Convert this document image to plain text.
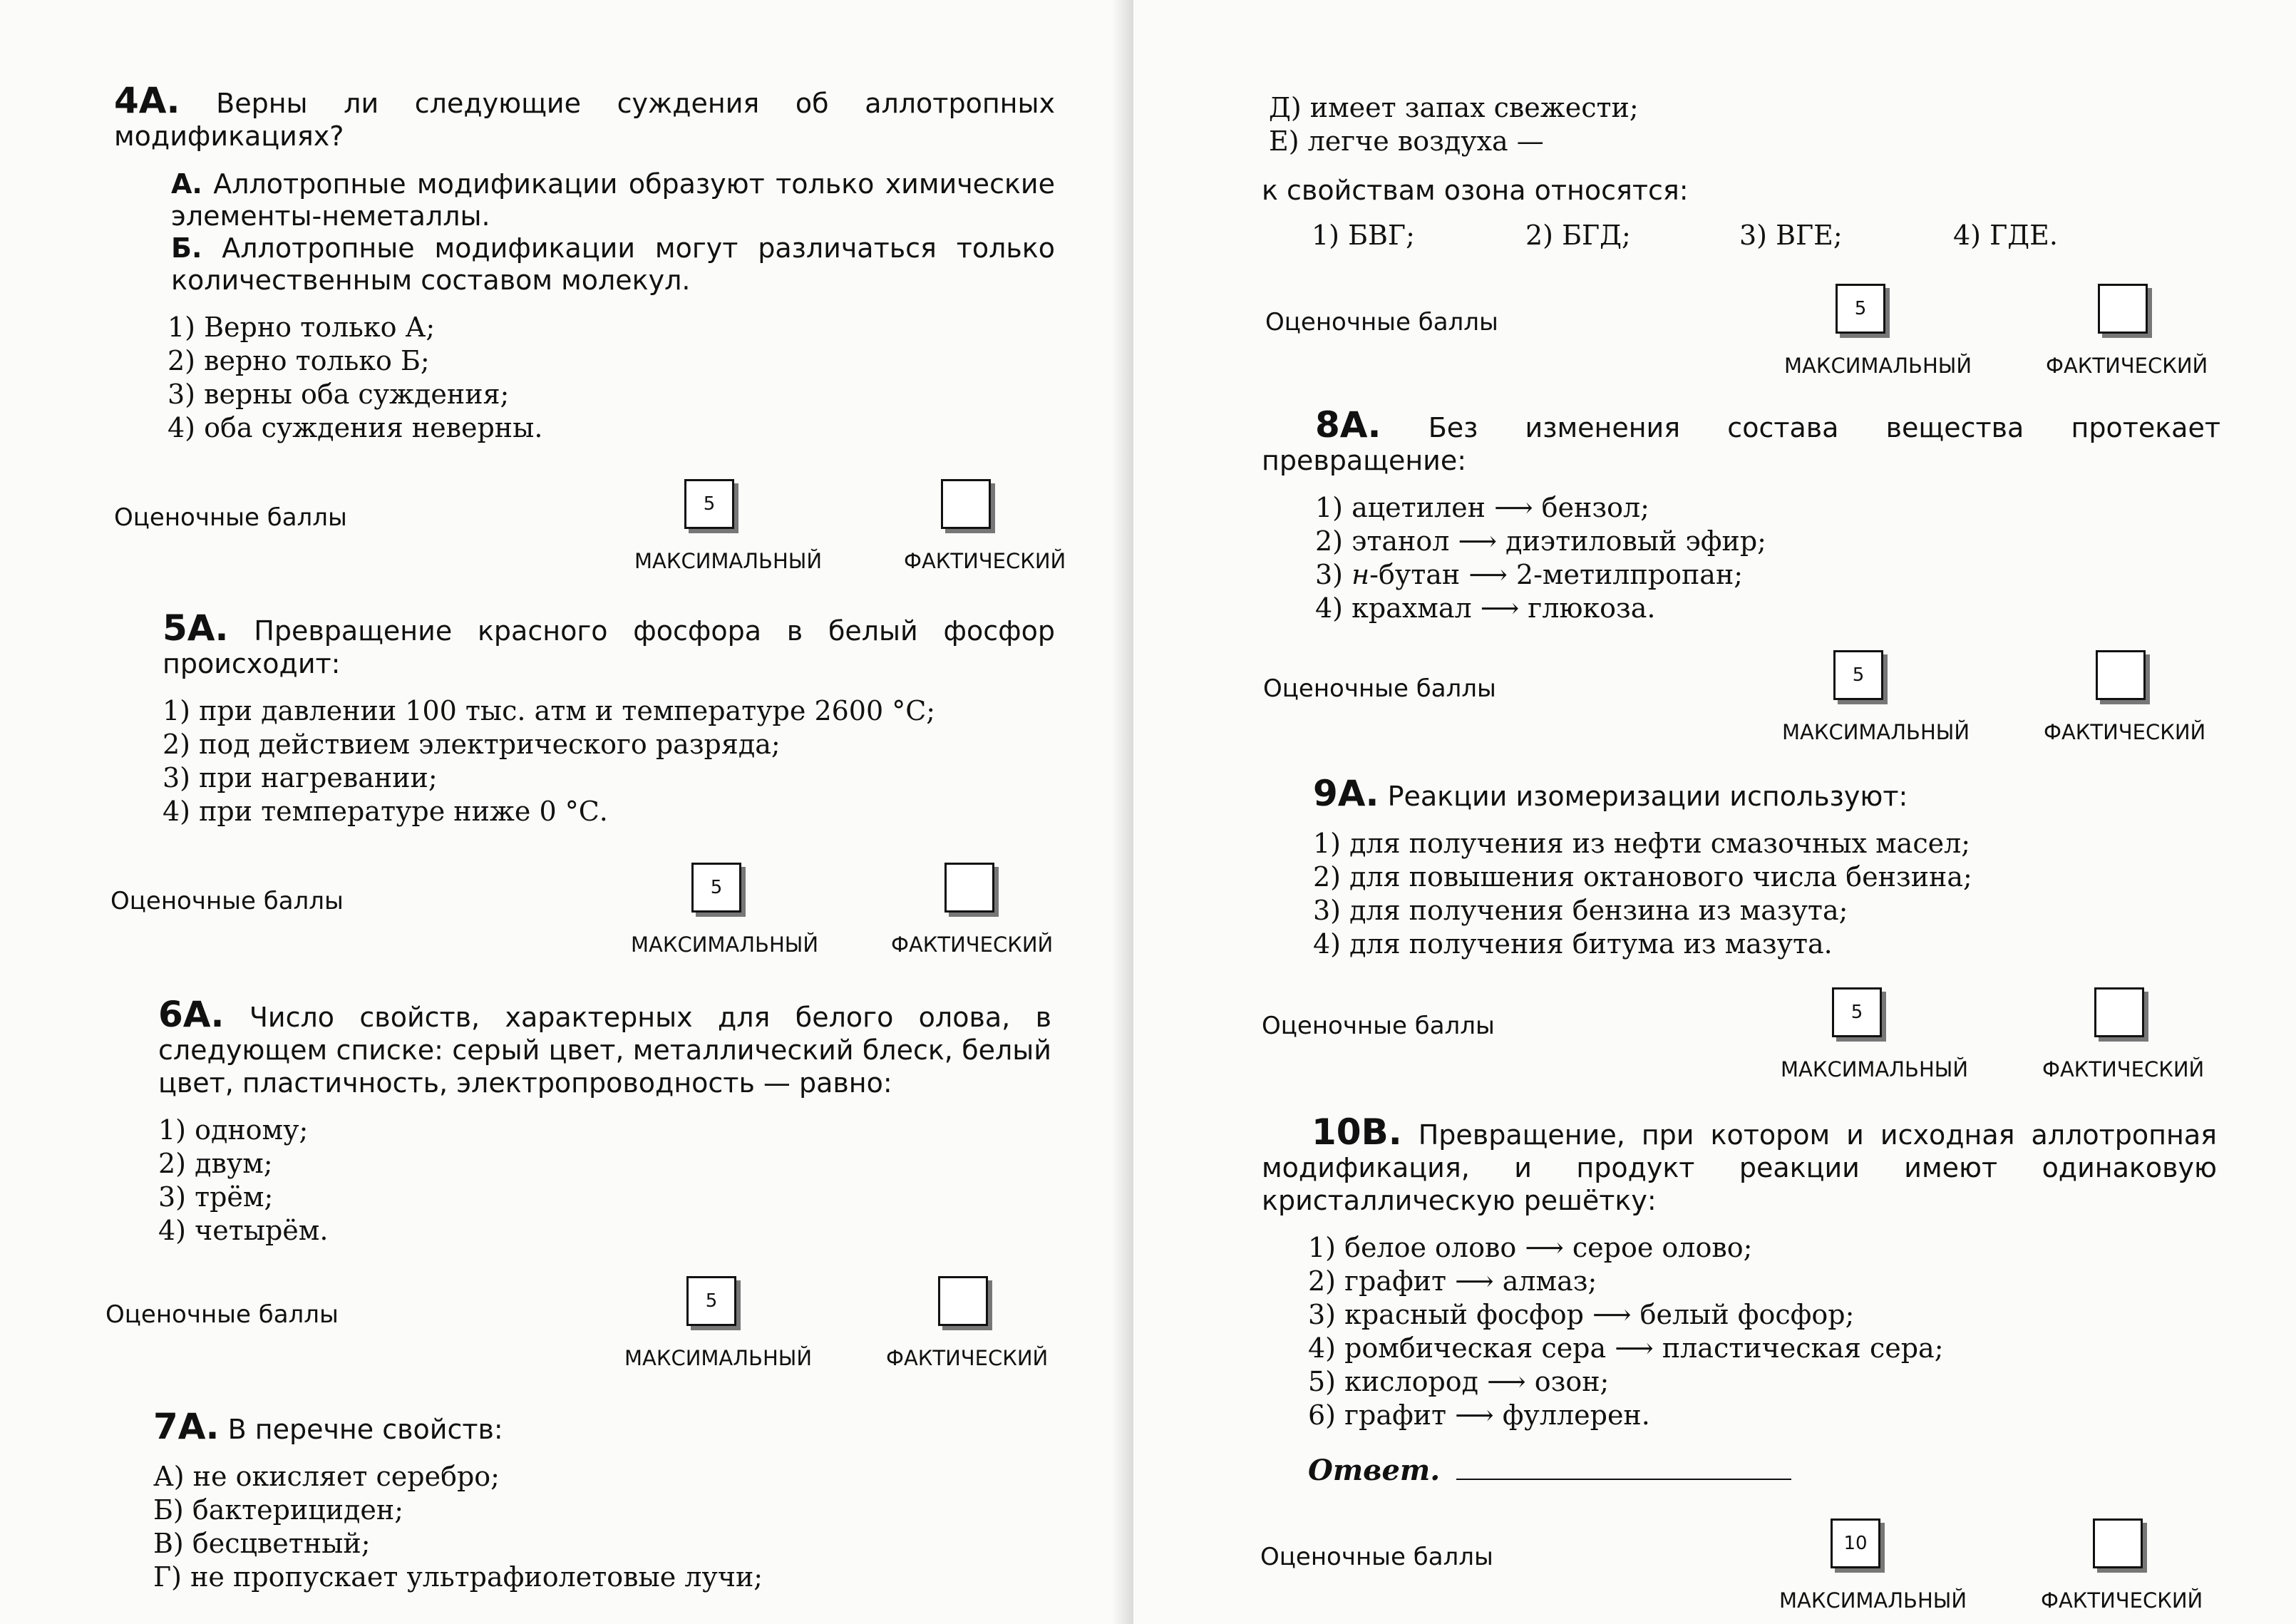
4А. Верны ли следующие суждения об аллотропных модификациях?

А. Аллотропные модификации образуют только химические элементы-неметаллы.

Б. Аллотропные модификации могут различаться только количественным составом молекул.

1) Верно только А;
2) верно только Б;
3) верны оба суждения;
4) оба суждения неверны.
Оценочные баллы	5
МАКСИМАЛЬНЫЙ	ФАКТИЧЕСКИЙ
5А. Превращение красного фосфора в белый фосфор происходит:
1) при давлении 100 тыс. атм и температуре 2600 °С;
2) под действием электрического разряда;
3) при нагревании;
4) при температуре ниже 0 °С.
Оценочные баллы	5
МАКСИМАЛЬНЫЙ	ФАКТИЧЕСКИЙ
6А. Число свойств, характерных для белого олова, в следующем списке: серый цвет, металлический блеск, белый цвет, пластичность, электропроводность — равно:
1) одному;
2) двум;
3) трём;
4) четырём.
Оценочные баллы	5
МАКСИМАЛЬНЫЙ	ФАКТИЧЕСКИЙ
7А. В перечне свойств:
А) не окисляет серебро;
Б) бактерициден;
В) бесцветный;
Г) не пропускает ультрафиолетовые лучи;
Д) имеет запах свежести;
Е) легче воздуха —
к свойствам озона относятся:
1) БВГ;	2) БГД;	3) ВГЕ;	4) ГДЕ.
Оценочные баллы	5
МАКСИМАЛЬНЫЙ	ФАКТИЧЕСКИЙ
8А. Без изменения состава вещества протекает превращение:
1) ацетилен ⟶ бензол;
2) этанол ⟶ диэтиловый эфир;
3) н-бутан ⟶ 2-метилпропан;
4) крахмал ⟶ глюкоза.
Оценочные баллы	5
МАКСИМАЛЬНЫЙ	ФАКТИЧЕСКИЙ
9А. Реакции изомеризации используют:
1) для получения из нефти смазочных масел;
2) для повышения октанового числа бензина;
3) для получения бензина из мазута;
4) для получения битума из мазута.
Оценочные баллы	5
МАКСИМАЛЬНЫЙ	ФАКТИЧЕСКИЙ
10В. Превращение, при котором и исходная аллотропная модификация, и продукт реакции имеют одинаковую кристаллическую решётку:
1) белое олово ⟶ серое олово;
2) графит ⟶ алмаз;
3) красный фосфор ⟶ белый фосфор;
4) ромбическая сера ⟶ пластическая сера;
5) кислород ⟶ озон;
6) графит ⟶ фуллерен.
Ответ.
Оценочные баллы	10
МАКСИМАЛЬНЫЙ	ФАКТИЧЕСКИЙ
